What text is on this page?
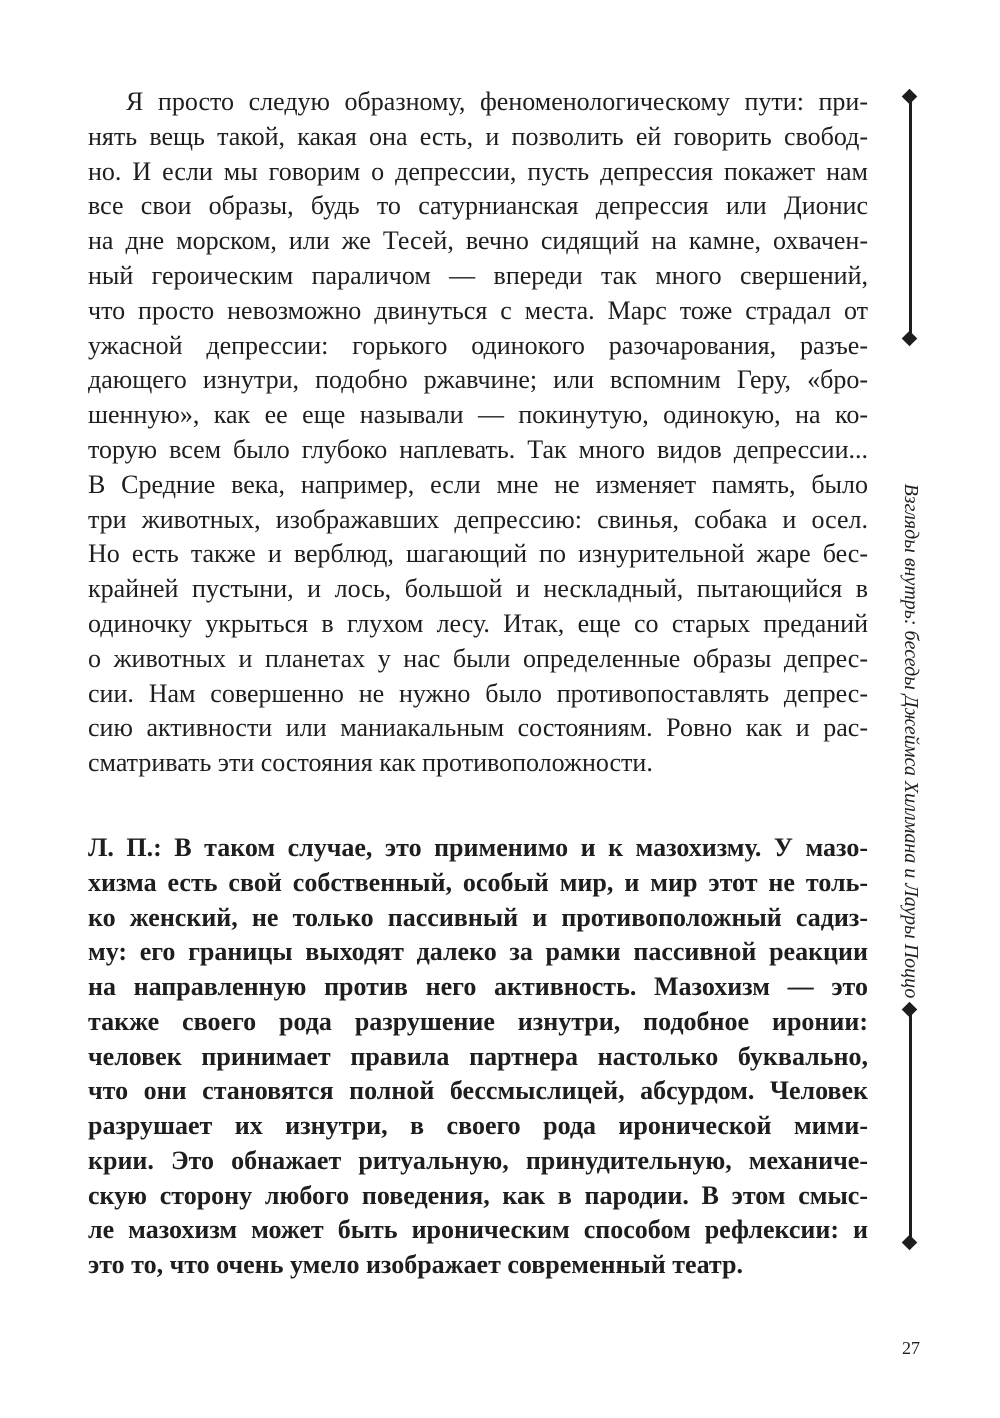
Я просто следую образному, феноменологическому пути: при-
нять вещь такой, какая она есть, и позволить ей говорить свобод-
но. И если мы говорим о депрессии, пусть депрессия покажет нам
все свои образы, будь то сатурнианская депрессия или Дионис
на дне морском, или же Тесей, вечно сидящий на камне, охвачен-
ный героическим параличом — впереди так много свершений,
что просто невозможно двинуться с места. Марс тоже страдал от
ужасной депрессии: горького одинокого разочарования, разъе-
дающего изнутри, подобно ржавчине; или вспомним Геру, «бро-
шенную», как ее еще называли — покинутую, одинокую, на ко-
торую всем было глубоко наплевать. Так много видов депрессии...
В Средние века, например, если мне не изменяет память, было
три животных, изображавших депрессию: свинья, собака и осел.
Но есть также и верблюд, шагающий по изнурительной жаре бес-
крайней пустыни, и лось, большой и нескладный, пытающийся в
одиночку укрыться в глухом лесу. Итак, еще со старых преданий
о животных и планетах у нас были определенные образы депрес-
сии. Нам совершенно не нужно было противопоставлять депрес-
сию активности или маниакальным состояниям. Ровно как и рас-
сматривать эти состояния как противоположности.
Л. П.: В таком случае, это применимо и к мазохизму. У мазо-
хизма есть свой собственный, особый мир, и мир этот не толь-
ко женский, не только пассивный и противоположный садиз-
му: его границы выходят далеко за рамки пассивной реакции
на направленную против него активность. Мазохизм — это
также своего рода разрушение изнутри, подобное иронии:
человек принимает правила партнера настолько буквально,
что они становятся полной бессмыслицей, абсурдом. Человек
разрушает их изнутри, в своего рода иронической мими-
крии. Это обнажает ритуальную, принудительную, механиче-
скую сторону любого поведения, как в пародии. В этом смыс-
ле мазохизм может быть ироническим способом рефлексии: и
это то, что очень умело изображает современный театр.
Взгляды внутрь: беседы Джеймса Хиллмана и Лауры Поццо
27
